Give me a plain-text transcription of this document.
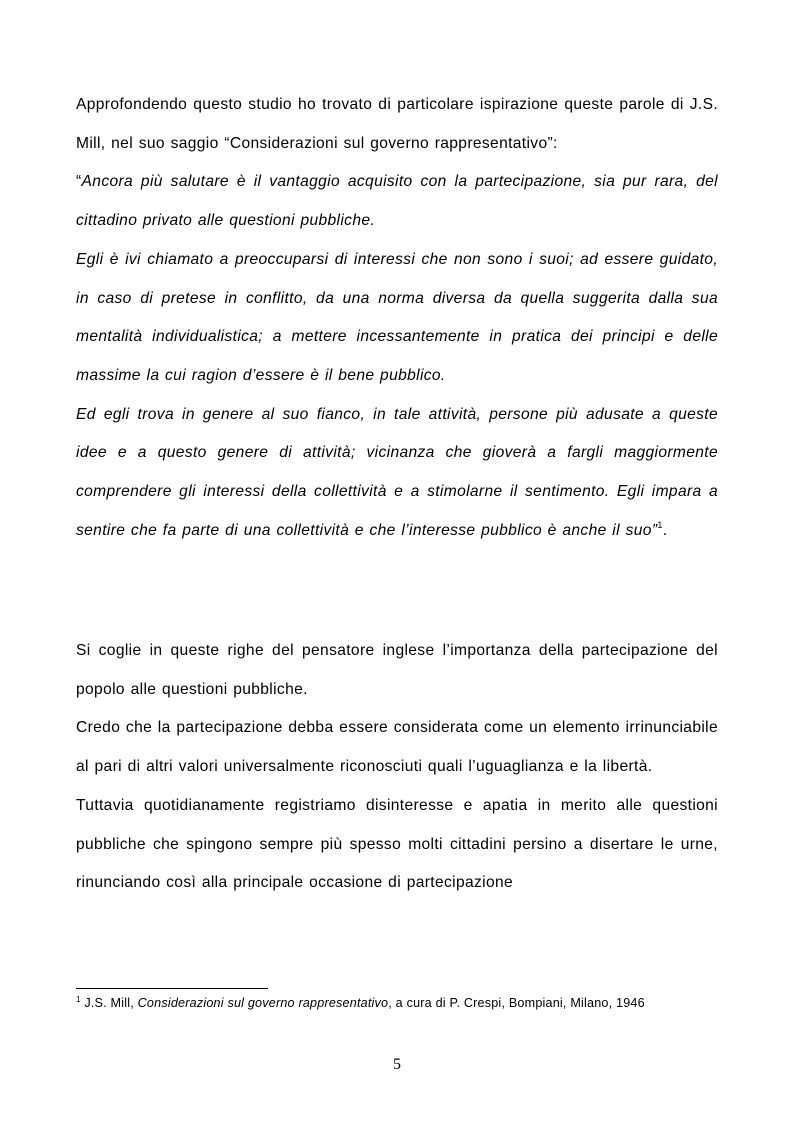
Approfondendo questo studio ho trovato di particolare ispirazione queste parole di J.S. Mill, nel suo saggio “Considerazioni sul governo rappresentativo”:
“Ancora più salutare è il vantaggio acquisito con la partecipazione, sia pur rara, del cittadino privato alle questioni pubbliche.

Egli è ivi chiamato a preoccuparsi di interessi che non sono i suoi; ad essere guidato, in caso di pretese in conflitto, da una norma diversa da quella suggerita dalla sua mentalità individualistica; a mettere incessantemente in pratica dei principi e delle massime la cui ragion d’essere è il bene pubblico.

Ed egli trova in genere al suo fianco, in tale attività, persone più adusate a queste idee e a questo genere di attività; vicinanza che gioverà a fargli maggiormente comprendere gli interessi della collettività e a stimolarne il sentimento. Egli impara a sentire che fa parte di una collettività e che l’interesse pubblico è anche il suo”$^1$.

Si coglie in queste righe del pensatore inglese l’importanza della partecipazione del popolo alle questioni pubbliche.

Credo che la partecipazione debba essere considerata come un elemento irrinunciabile al pari di altri valori universalmente riconosciuti quali l’uguaglianza e la libertà.

Tuttavia quotidianamente registriamo disinteresse e apatia in merito alle questioni pubbliche che spingono sempre più spesso molti cittadini persino a disertare le urne, rinunciando così alla principale occasione di partecipazione

$^1$ J.S. Mill, Considerazioni sul governo rappresentativo, a cura di P. Crespi, Bompiani, Milano, 1946
5
